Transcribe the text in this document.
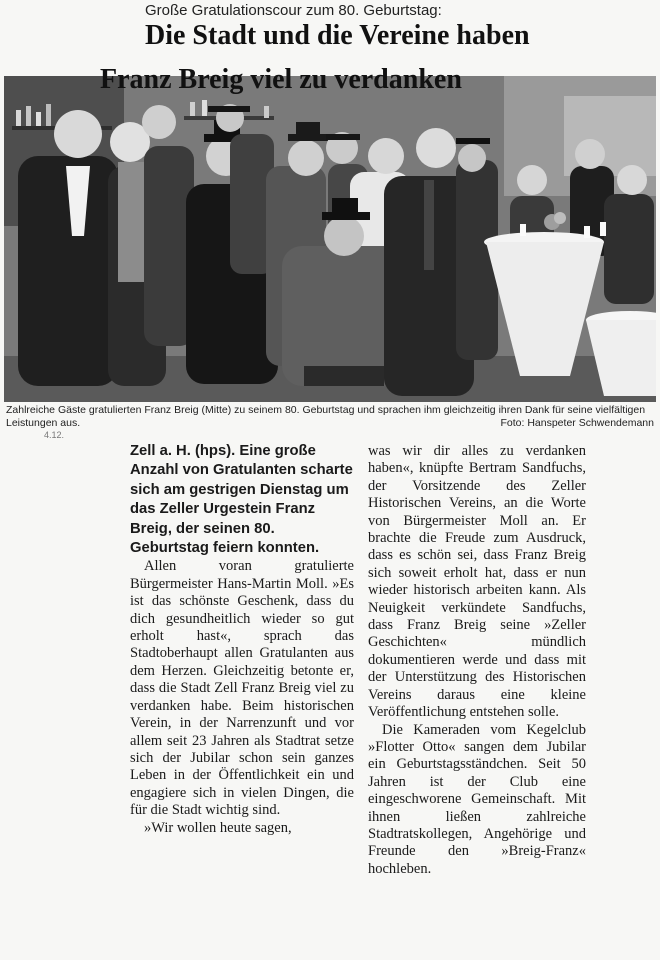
Große Gratulationscour zum 80. Geburtstag:
Die Stadt und die Vereine haben
Franz Breig viel zu verdanken
Zahlreiche Gäste gratulierten Franz Breig (Mitte) zu seinem 80. Geburtstag und sprachen ihm gleichzeitig ihren Dank für seine vielfältigen Leistungen aus.	Foto: Hanspeter Schwendemann
4.12.

Zell a. H. (hps). Eine große Anzahl von Gratulanten scharte sich am gestrigen Dienstag um das Zeller Urgestein Franz Breig, der seinen 80. Geburtstag feiern konnten.

Allen voran gratulierte Bürgermeister Hans-Martin Moll. »Es ist das schönste Geschenk, dass du dich gesundheitlich wieder so gut erholt hast«, sprach das Stadtoberhaupt allen Gratulanten aus dem Herzen. Gleichzeitig betonte er, dass die Stadt Zell Franz Breig viel zu verdanken habe. Beim historischen Verein, in der Narrenzunft und vor allem seit 23 Jahren als Stadtrat setze sich der Jubilar schon sein ganzes Leben in der Öffentlichkeit ein und engagiere sich in vielen Dingen, die für die Stadt wichtig sind.

»Wir wollen heute sagen,

was wir dir alles zu verdanken haben«, knüpfte Bertram Sandfuchs, der Vorsitzende des Zeller Historischen Vereins, an die Worte von Bürgermeister Moll an. Er brachte die Freude zum Ausdruck, dass es schön sei, dass Franz Breig sich soweit erholt hat, dass er nun wieder historisch arbeiten kann. Als Neuigkeit verkündete Sandfuchs, dass Franz Breig seine »Zeller Geschichten« mündlich dokumentieren werde und dass mit der Unterstützung des Historischen Vereins daraus eine kleine Veröffentlichung entstehen solle.

Die Kameraden vom Kegelclub »Flotter Otto« sangen dem Jubilar ein Geburtstagsständchen. Seit 50 Jahren ist der Club eine eingeschworene Gemeinschaft. Mit ihnen ließen zahlreiche Stadtratskollegen, Angehörige und Freunde den »Breig-Franz« hochleben.
